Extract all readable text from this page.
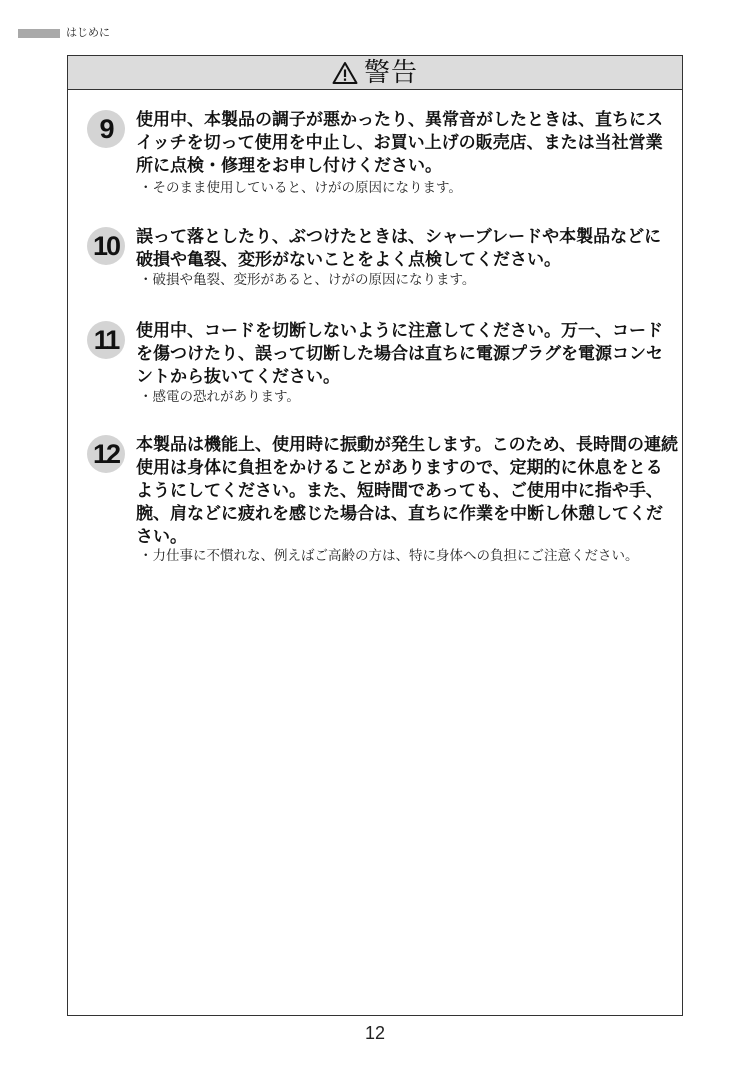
はじめに
警告
9	使用中、本製品の調子が悪かったり、異常音がしたときは、直ちにスイッチを切って使用を中止し、お買い上げの販売店、または当社営業所に点検・修理をお申し付けください。

・そのまま使用していると、けがの原因になります。

10 誤って落としたり、ぶつけたときは、シャーブレードや本製品などに破損や亀裂、変形がないことをよく点検してください。

・破損や亀裂、変形があると、けがの原因になります。

11	使用中、コードを切断しないように注意してください。万一、コードを傷つけたり、誤って切断した場合は直ちに電源プラグを電源コンセントから抜いてください。

・感電の恐れがあります。

12 本製品は機能上、使用時に振動が発生します。このため、長時間の連続使用は身体に負担をかけることがありますので、定期的に休息をとるようにしてください。また、短時間であっても、ご使用中に指や手、腕、肩などに疲れを感じた場合は、直ちに作業を中断し休憩してください。

・力仕事に不慣れな、例えばご高齢の方は、特に身体への負担にご注意ください。

12
